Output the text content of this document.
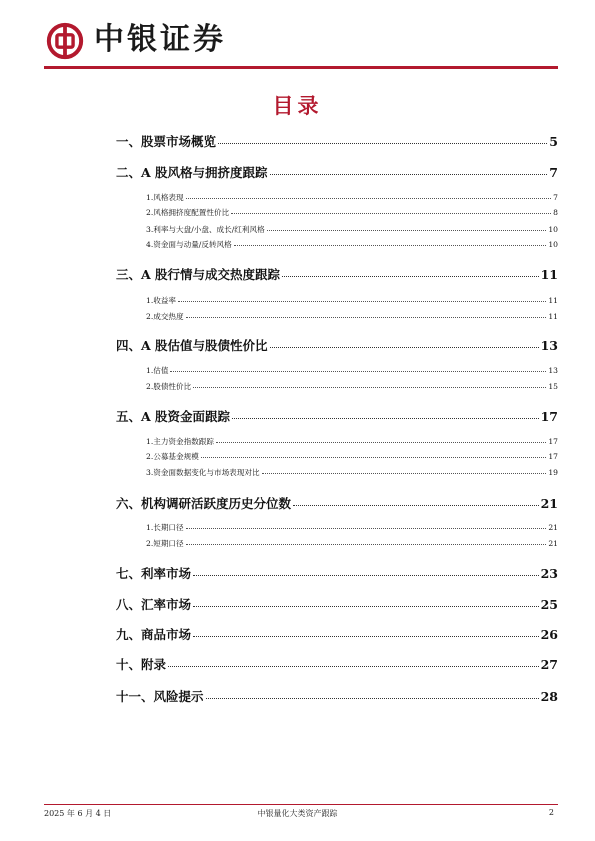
中银证券
目录
一、股票市场概览	5
二、A 股风格与拥挤度跟踪	7
1.风格表现	7
2.风格拥挤度配置性价比	8
3.利率与大盘/小盘、成长/红利风格	10
4.资金面与动量/反转风格	10
三、A 股行情与成交热度跟踪	11
1.收益率	11
2.成交热度	11
四、A 股估值与股债性价比	13
1.估值	13
2.股债性价比	15
五、A 股资金面跟踪	17
1.主力资金指数跟踪	17
2.公募基金规模	17
3.资金面数据变化与市场表现对比	19
六、机构调研活跃度历史分位数	21
1.长期口径	21
2.短期口径	21
七、利率市场	23
八、汇率市场	25
九、商品市场	26
十、附录	27
十一、风险提示	28
2025 年 6 月 4 日	中银量化大类资产跟踪	2
